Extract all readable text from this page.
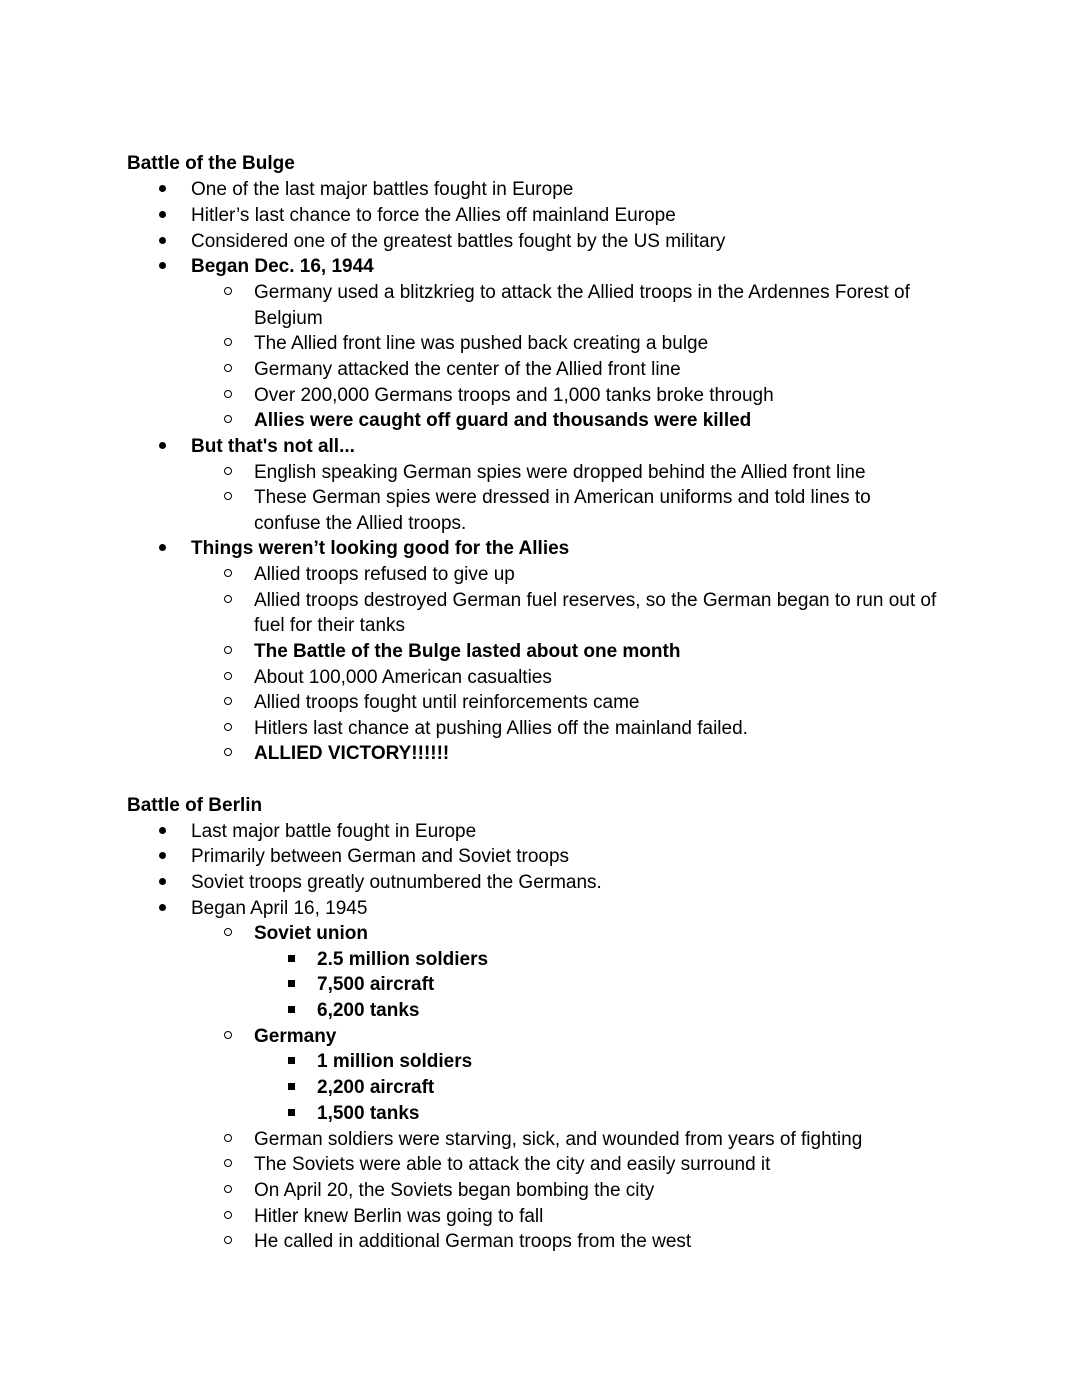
Battle of the Bulge
One of the last major battles fought in Europe
Hitler’s last chance to force the Allies off mainland Europe
Considered one of the greatest battles fought by the US military
Began Dec. 16, 1944
Germany used a blitzkrieg to attack the Allied troops in the Ardennes Forest of
Belgium
The Allied front line was pushed back creating a bulge
Germany attacked the center of the Allied front line
Over 200,000 Germans troops and 1,000 tanks broke through
Allies were caught off guard and thousands were killed
But that's not all...
English speaking German spies were dropped behind the Allied front line
These German spies were dressed in American uniforms and told lines to
confuse the Allied troops.
Things weren’t looking good for the Allies
Allied troops refused to give up
Allied troops destroyed German fuel reserves, so the German began to run out of
fuel for their tanks
The Battle of the Bulge lasted about one month
About 100,000 American casualties
Allied troops fought until reinforcements came
Hitlers last chance at pushing Allies off the mainland failed.
ALLIED VICTORY!!!!!!
Battle of Berlin
Last major battle fought in Europe
Primarily between German and Soviet troops
Soviet troops greatly outnumbered the Germans.
Began April 16, 1945
Soviet union
2.5 million soldiers
7,500 aircraft
6,200 tanks
Germany
1 million soldiers
2,200 aircraft
1,500 tanks
German soldiers were starving, sick, and wounded from years of fighting
The Soviets were able to attack the city and easily surround it
On April 20, the Soviets began bombing the city
Hitler knew Berlin was going to fall
He called in additional German troops from the west
